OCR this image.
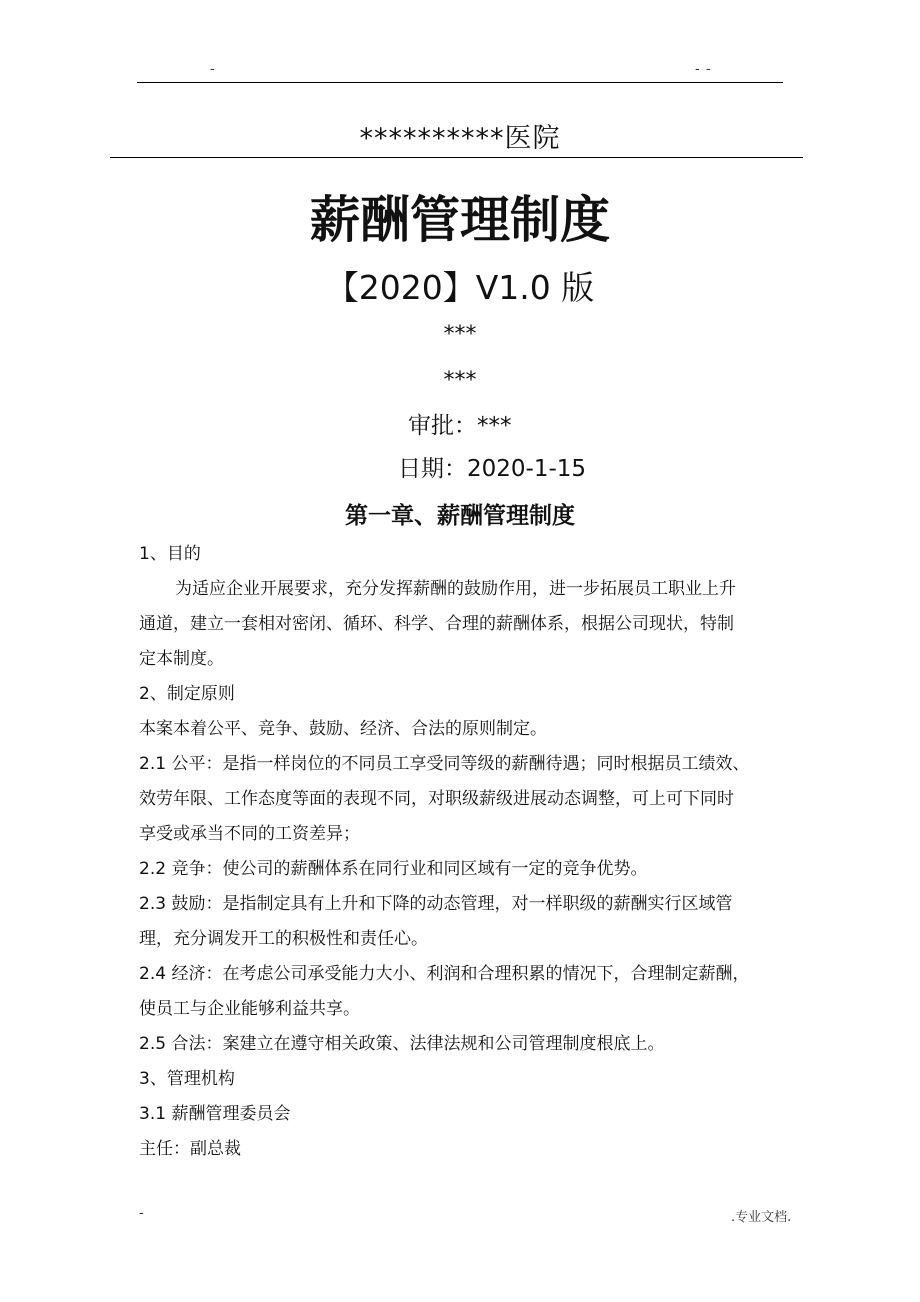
-	- -
**********医院
薪酬管理制度
【2020】V1.0 版
***
***
审批：***
日期：2020-1-15
第一章、薪酬管理制度

1、目的

为适应企业开展要求，充分发挥薪酬的鼓励作用，进一步拓展员工职业上升

通道，建立一套相对密闭、循环、科学、合理的薪酬体系，根据公司现状，特制

定本制度。

2、制定原则

本案本着公平、竞争、鼓励、经济、合法的原则制定。

2.1 公平：是指一样岗位的不同员工享受同等级的薪酬待遇；同时根据员工绩效、

效劳年限、工作态度等面的表现不同，对职级薪级进展动态调整，可上可下同时

享受或承当不同的工资差异；

2.2 竞争：使公司的薪酬体系在同行业和同区域有一定的竞争优势。

2.3 鼓励：是指制定具有上升和下降的动态管理，对一样职级的薪酬实行区域管

理，充分调发开工的积极性和责任心。

2.4 经济：在考虑公司承受能力大小、利润和合理积累的情况下，合理制定薪酬，

使员工与企业能够利益共享。

2.5 合法：案建立在遵守相关政策、法律法规和公司管理制度根底上。

3、管理机构

3.1 薪酬管理委员会

主任：副总裁

-	.专业文档.
